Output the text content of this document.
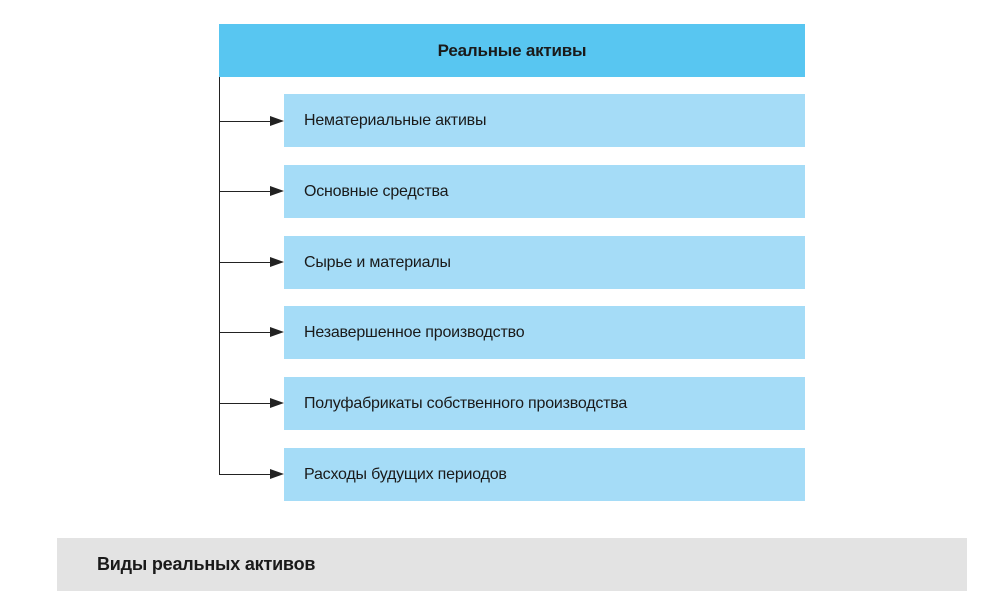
Реальные активы
Нематериальные активы
Основные средства
Сырье и материалы
Незавершенное производство
Полуфабрикаты собственного производства
Расходы будущих периодов
Виды реальных активов
